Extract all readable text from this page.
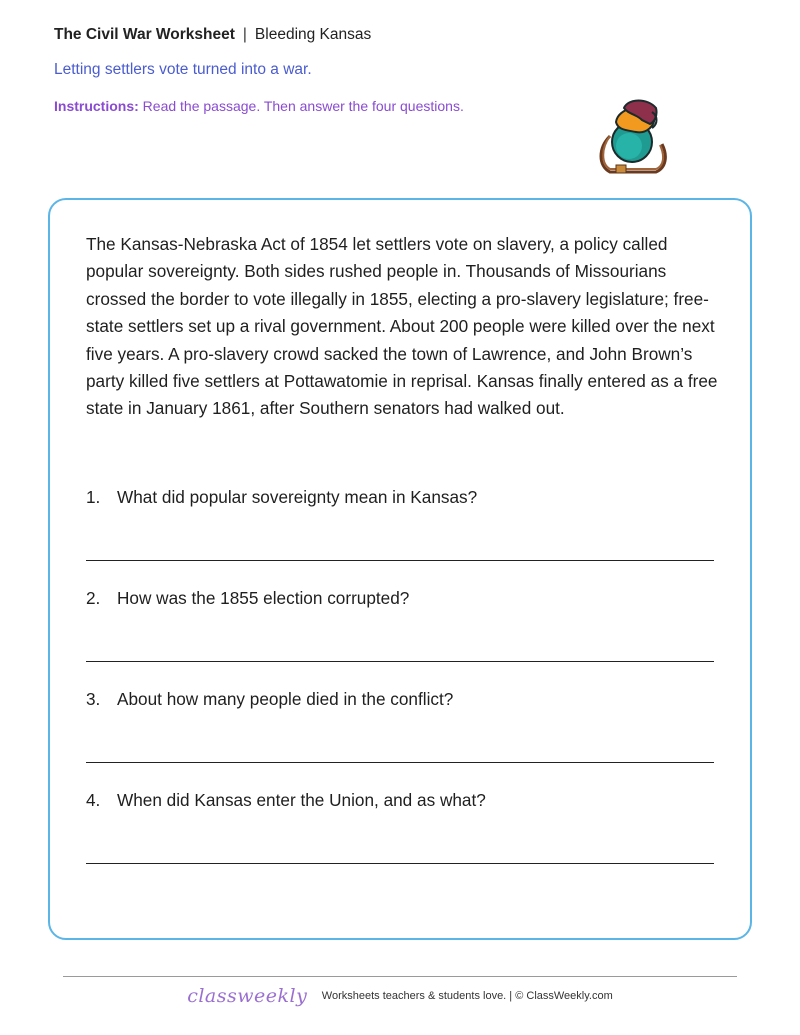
The Civil War Worksheet | Bleeding Kansas
Letting settlers vote turned into a war.
Instructions: Read the passage. Then answer the four questions.
The Kansas-Nebraska Act of 1854 let settlers vote on slavery, a policy called popular sovereignty. Both sides rushed people in. Thousands of Missourians crossed the border to vote illegally in 1855, electing a pro-slavery legislature; free-state settlers set up a rival government. About 200 people were killed over the next five years. A pro-slavery crowd sacked the town of Lawrence, and John Brown’s party killed five settlers at Pottawatomie in reprisal. Kansas finally entered as a free state in January 1861, after Southern senators had walked out.
1. What did popular sovereignty mean in Kansas?
2. How was the 1855 election corrupted?
3. About how many people died in the conflict?
4. When did Kansas enter the Union, and as what?
classweekly Worksheets teachers & students love. | © ClassWeekly.com
